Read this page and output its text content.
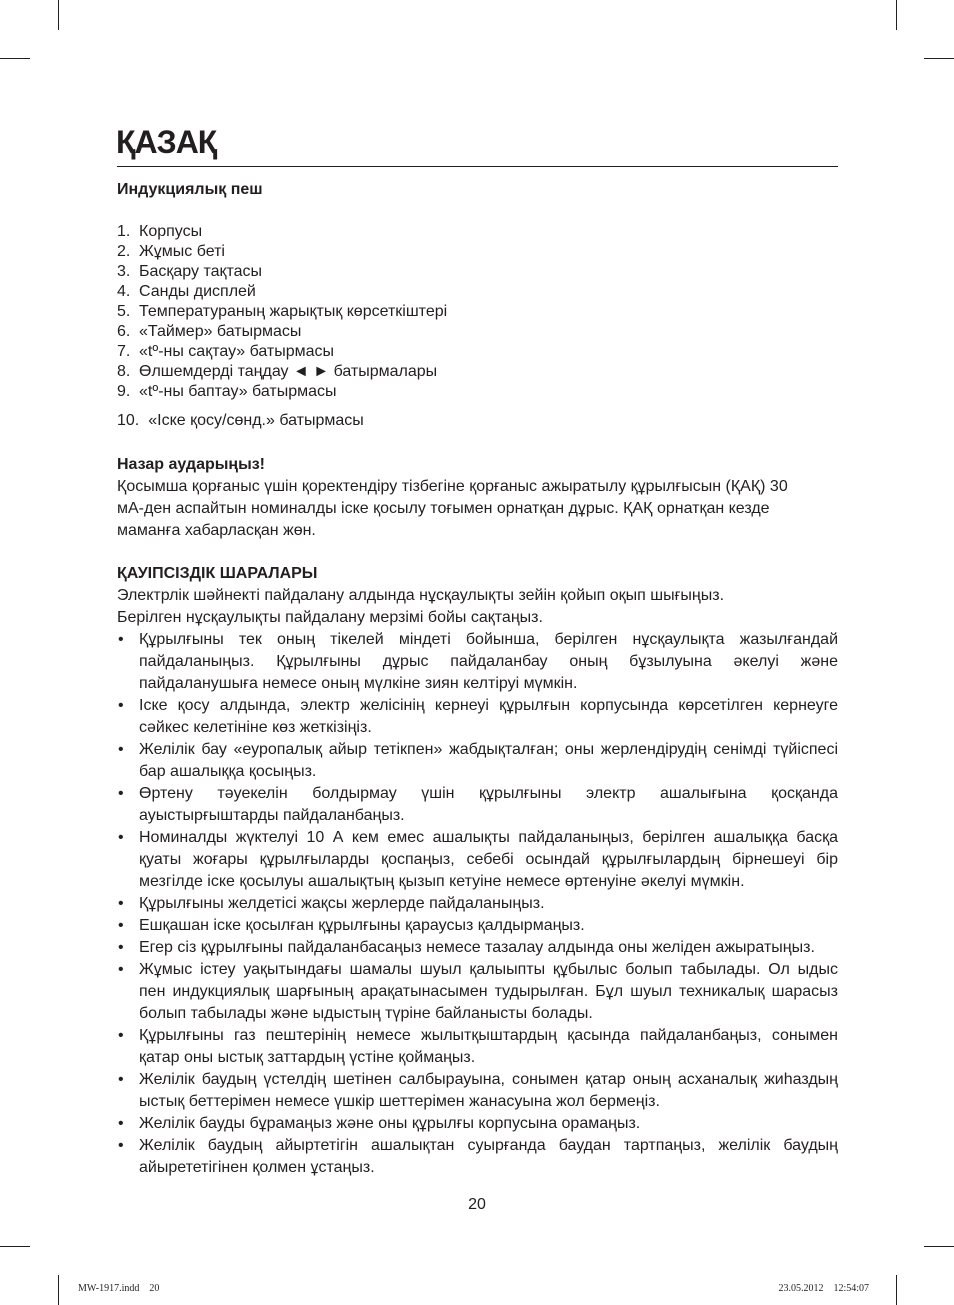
ҚАЗАҚ
Индукциялық пеш
1. Корпусы
2. Жұмыс беті
3. Басқару тақтасы
4. Санды дисплей
5. Температураның жарықтық көрсеткіштері
6. «Таймер» батырмасы
7. «tº-ны сақтау» батырмасы
8. Өлшемдерді таңдау ◄ ► батырмалары
9. «tº-ны баптау» батырмасы
10. «Іске қосу/сөнд.» батырмасы
Назар аударыңыз!
Қосымша қорғаныс үшін қоректендіру тізбегіне қорғаныс ажыратылу құрылғысын (ҚАҚ) 30
мА-ден аспайтын номиналды іске қосылу тоғымен орнатқан дұрыс. ҚАҚ орнатқан кезде
маманға хабарласқан жөн.
ҚАУІПСІЗДІК ШАРАЛАРЫ
Электрлік шәйнекті пайдалану алдында нұсқаулықты зейін қойып оқып шығыңыз.
Берілген нұсқаулықты пайдалану мерзімі бойы сақтаңыз.
• Құрылғыны тек оның тікелей міндеті бойынша, берілген нұсқаулықта жазылғандай
пайдаланыңыз. Құрылғыны дұрыс пайдаланбау оның бұзылуына әкелуі және
пайдаланушыға немесе оның мүлкіне зиян келтіруі мүмкін.
• Іске қосу алдында, электр желісінің кернеуі құрылғын корпусында көрсетілген кернеуге
сәйкес келетініне көз жеткізіңіз.
• Желілік бау «еуропалық айыр тетікпен» жабдықталған; оны жерлендірудің сенімді түйіспесі
бар ашалыққа қосыңыз.
• Өртену тәуекелін болдырмау үшін құрылғыны электр ашалығына қосқанда
ауыстырғыштарды пайдаланбаңыз.
• Номиналды жүктелуі 10 А кем емес ашалықты пайдаланыңыз, берілген ашалыққа басқа
қуаты жоғары құрылғыларды қоспаңыз, себебі осындай құрылғылардың бірнешеуі бір
мезгілде іске қосылуы ашалықтың қызып кетуіне немесе өртенуіне әкелуі мүмкін.
• Құрылғыны желдетісі жақсы жерлерде пайдаланыңыз.
• Ешқашан іске қосылған құрылғыны қараусыз қалдырмаңыз.
• Егер сіз құрылғыны пайдаланбасаңыз немесе тазалау алдында оны желіден ажыратыңыз.
• Жұмыс істеу уақытындағы шамалы шуыл қалыыпты құбылыс болып табылады. Ол ыдыс
пен индукциялық шарғының арақатынасымен тудырылған. Бұл шуыл техникалық шарасыз
болып табылады және ыдыстың түріне байланысты болады.
• Құрылғыны газ пештерінің немесе жылытқыштардың қасында пайдаланбаңыз, сонымен
қатар оны ыстық заттардың үстіне қоймаңыз.
• Желілік баудың үстелдің шетінен салбырауына, сонымен қатар оның асханалық жиһаздың
ыстық беттерімен немесе үшкір шеттерімен жанасуына жол бермеңіз.
• Желілік бауды бұрамаңыз және оны құрылғы корпусына орамаңыз.
• Желілік баудың айыртетігін ашалықтан суырғанда баудан тартпаңыз, желілік баудың
айырететігінен қолмен ұстаңыз.
20
MW-1917.indd 20	23.05.2012 12:54:07
